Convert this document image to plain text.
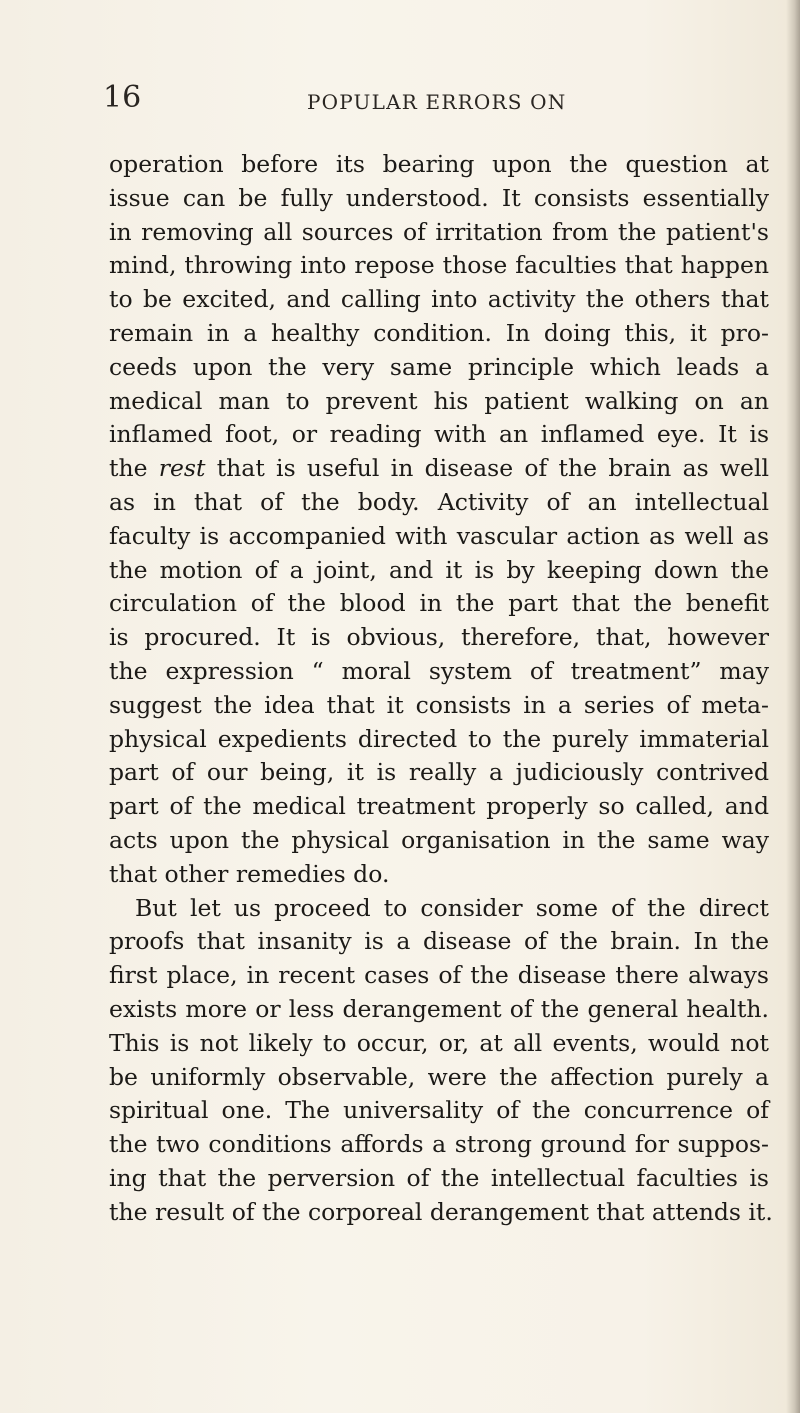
16	POPULAR ERRORS ON
operation before its bearing upon the question at
issue can be fully understood. It consists essentially
in removing all sources of irritation from the patient's
mind, throwing into repose those faculties that happen
to be excited, and calling into activity the others that
remain in a healthy condition. In doing this, it pro-
ceeds upon the very same principle which leads a
medical man to prevent his patient walking on an
inflamed foot, or reading with an inflamed eye. It is
the rest that is useful in disease of the brain as well
as in that of the body. Activity of an intellectual
faculty is accompanied with vascular action as well as
the motion of a joint, and it is by keeping down the
circulation of the blood in the part that the benefit
is procured. It is obvious, therefore, that, however
the expression “ moral system of treatment” may
suggest the idea that it consists in a series of meta-
physical expedients directed to the purely immaterial
part of our being, it is really a judiciously contrived
part of the medical treatment properly so called, and
acts upon the physical organisation in the same way
that other remedies do.
But let us proceed to consider some of the direct
proofs that insanity is a disease of the brain. In the
first place, in recent cases of the disease there always
exists more or less derangement of the general health.
This is not likely to occur, or, at all events, would not
be uniformly observable, were the affection purely a
spiritual one. The universality of the concurrence of
the two conditions affords a strong ground for suppos-
ing that the perversion of the intellectual faculties is
the result of the corporeal derangement that attends it.
